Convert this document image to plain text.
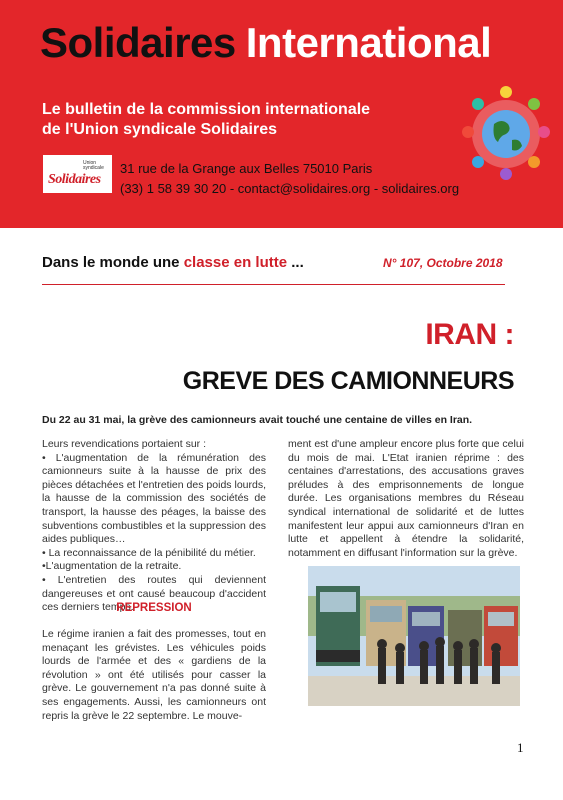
Solidaires International
Le bulletin de la commission internationale
de l'Union syndicale Solidaires
Union syndicale
Solidaires
31 rue de la Grange aux Belles 75010 Paris
(33) 1 58 39 30 20 - contact@solidaires.org - solidaires.org
Dans le monde une classe en lutte ...	N° 107, Octobre 2018
IRAN :
GREVE DES CAMIONNEURS
Du 22 au 31 mai, la grève des camionneurs avait touché une centaine de villes en Iran.

Leurs revendications portaient sur :

• L'augmentation de la rémunération des camionneurs suite à la hausse de prix des pièces détachées et l'entretien des poids lourds, la hausse de la commission des sociétés de transport, la hausse des péages, la baisse des subventions combustibles et la suppression des aides publiques…

• La reconnaissance de la pénibilité du métier.

•L'augmentation de la retraite.

• L'entretien des routes qui deviennent dangereuses et ont causé beaucoup d'accident ces derniers temps.

REPRESSION
Le régime iranien a fait des promesses, tout en menaçant les grévistes. Les véhicules poids lourds de l'armée et des « gardiens de la révolution » ont été utilisés pour casser la grève. Le gouvernement n'a pas donné suite à ses engagements. Aussi, les camionneurs ont repris la grève le 22 septembre. Le mouve-
ment est d'une ampleur encore plus forte que celui du mois de mai. L'Etat iranien réprime : des centaines d'arrestations, des accusations graves préludes à des emprisonnements de longue durée. Les organisations membres du Réseau syndical international de solidarité et de luttes manifestent leur appui aux camionneurs d'Iran en lutte et appellent à étendre la solidarité, notamment en diffusant l'information sur la grève.
1
